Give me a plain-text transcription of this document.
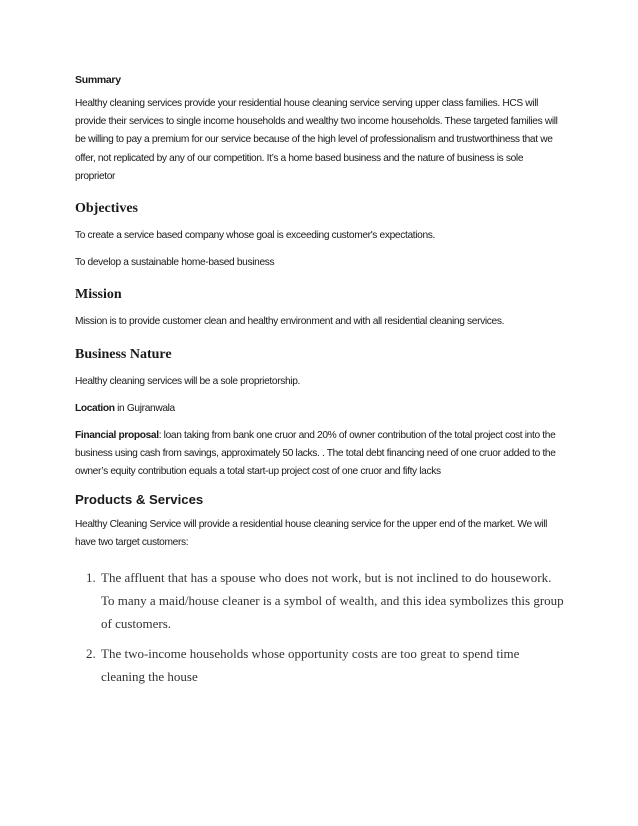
Summary

Healthy cleaning services provide your residential house cleaning service serving upper class families. HCS will provide their services to single income households and wealthy two income households. These targeted families will be willing to pay a premium for our service because of the high level of professionalism and trustworthiness that we offer, not replicated by any of our competition. It’s a home based business and the nature of business is sole proprietor

Objectives

To create a service based company whose goal is exceeding customer's expectations.

To develop a sustainable home-based business

Mission

Mission is to provide customer clean and healthy environment and with all residential cleaning services.

Business Nature

Healthy cleaning services will be a sole proprietorship.

Location in Gujranwala

Financial proposal: loan taking from bank one cruor and 20% of owner contribution of the total project cost into the business using cash from savings, approximately 50 lacks. . The total debt financing need of one cruor added to the owner’s equity contribution equals a total start-up project cost of one cruor and fifty lacks

Products & Services

Healthy Cleaning Service will provide a residential house cleaning service for the upper end of the market. We will have two target customers:

1. The affluent that has a spouse who does not work, but is not inclined to do housework. To many a maid/house cleaner is a symbol of wealth, and this idea symbolizes this group of customers.
2. The two-income households whose opportunity costs are too great to spend time cleaning the house
